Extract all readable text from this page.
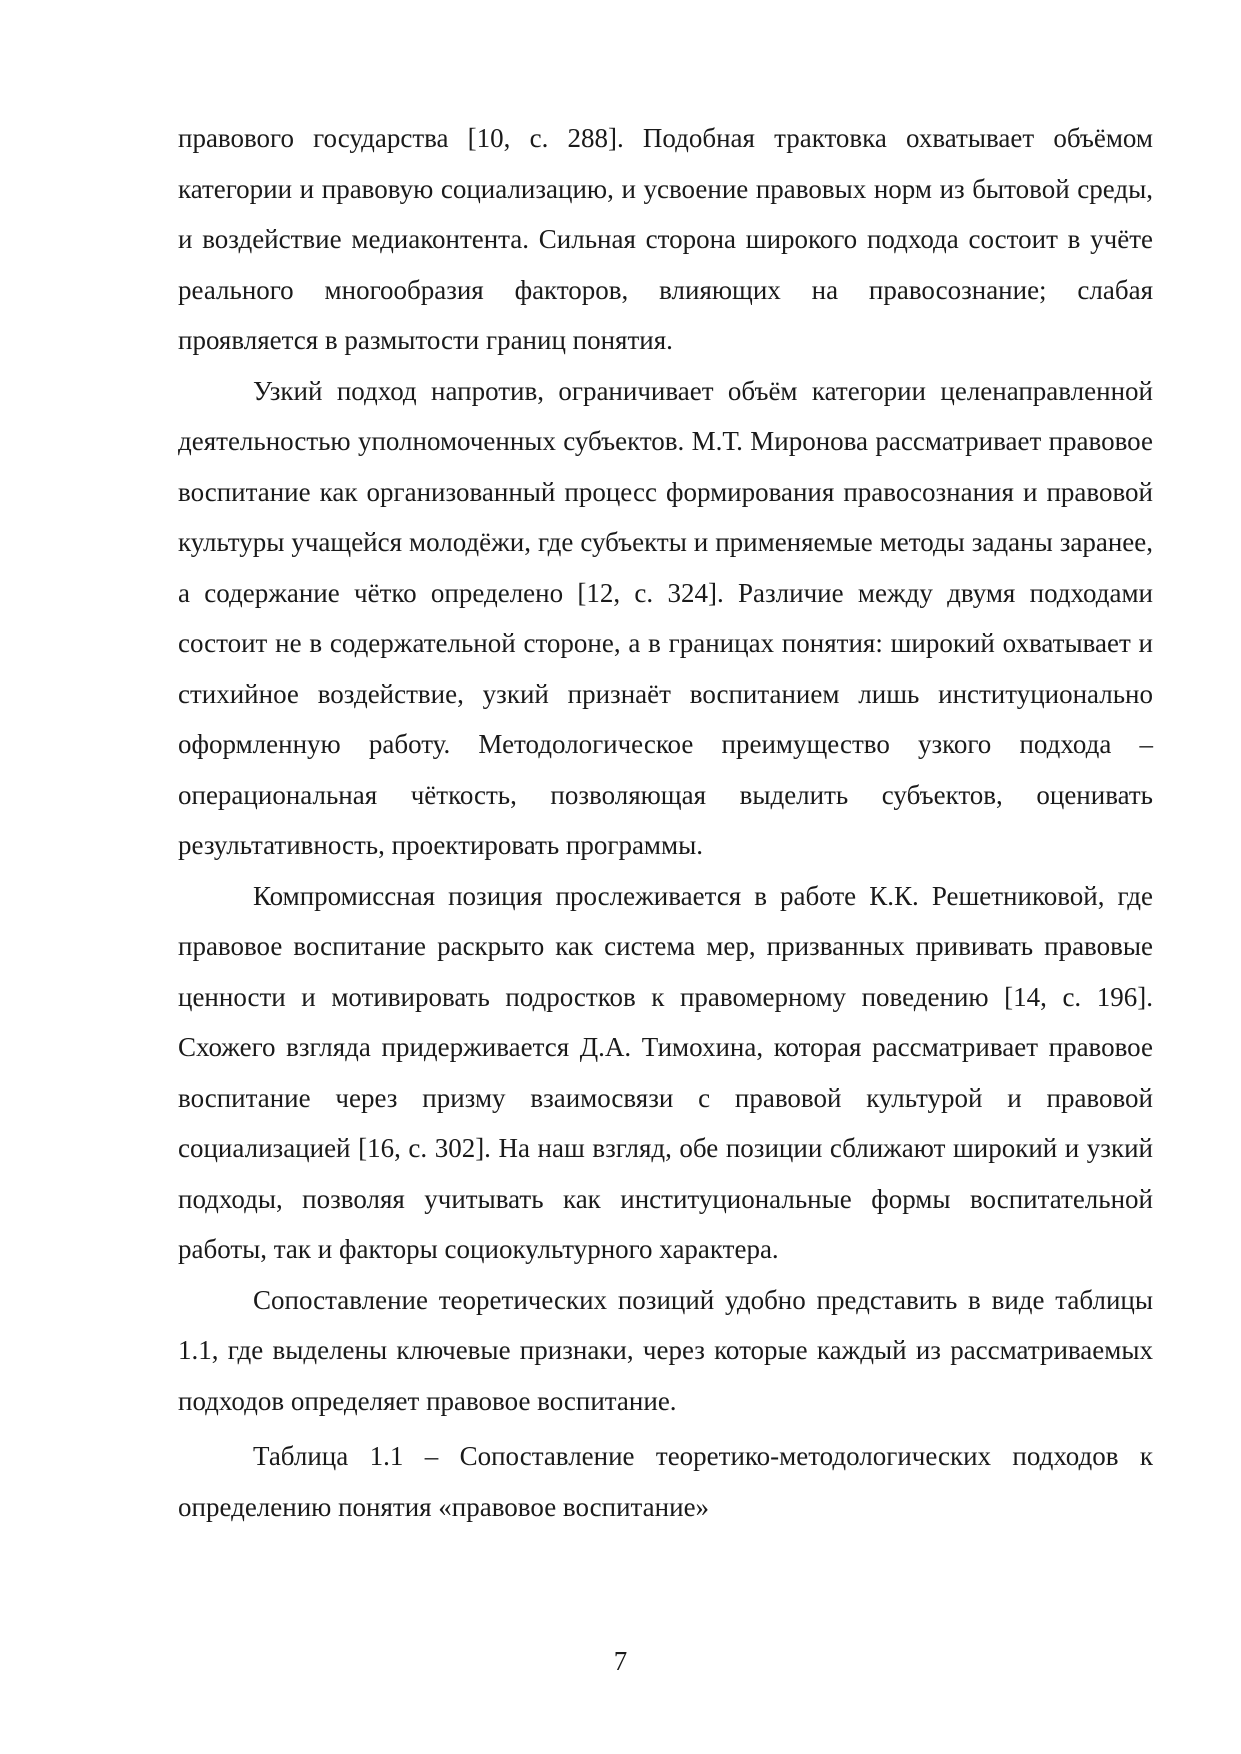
правового государства [10, с. 288]. Подобная трактовка охватывает объёмом категории и правовую социализацию, и усвоение правовых норм из бытовой среды, и воздействие медиаконтента. Сильная сторона широкого подхода состоит в учёте реального многообразия факторов, влияющих на правосознание; слабая проявляется в размытости границ понятия.

Узкий подход напротив, ограничивает объём категории целенаправленной деятельностью уполномоченных субъектов. М.Т. Миронова рассматривает правовое воспитание как организованный процесс формирования правосознания и правовой культуры учащейся молодёжи, где субъекты и применяемые методы заданы заранее, а содержание чётко определено [12, с. 324]. Различие между двумя подходами состоит не в содержательной стороне, а в границах понятия: широкий охватывает и стихийное воздействие, узкий признаёт воспитанием лишь институционально оформленную работу. Методологическое преимущество узкого подхода – операциональная чёткость, позволяющая выделить субъектов, оценивать результативность, проектировать программы.

Компромиссная позиция прослеживается в работе К.К. Решетниковой, где правовое воспитание раскрыто как система мер, призванных прививать правовые ценности и мотивировать подростков к правомерному поведению [14, с. 196]. Схожего взгляда придерживается Д.А. Тимохина, которая рассматривает правовое воспитание через призму взаимосвязи с правовой культурой и правовой социализацией [16, с. 302]. На наш взгляд, обе позиции сближают широкий и узкий подходы, позволяя учитывать как институциональные формы воспитательной работы, так и факторы социокультурного характера.

Сопоставление теоретических позиций удобно представить в виде таблицы 1.1, где выделены ключевые признаки, через которые каждый из рассматриваемых подходов определяет правовое воспитание.

Таблица 1.1 – Сопоставление теоретико-методологических подходов к определению понятия «правовое воспитание»

7
